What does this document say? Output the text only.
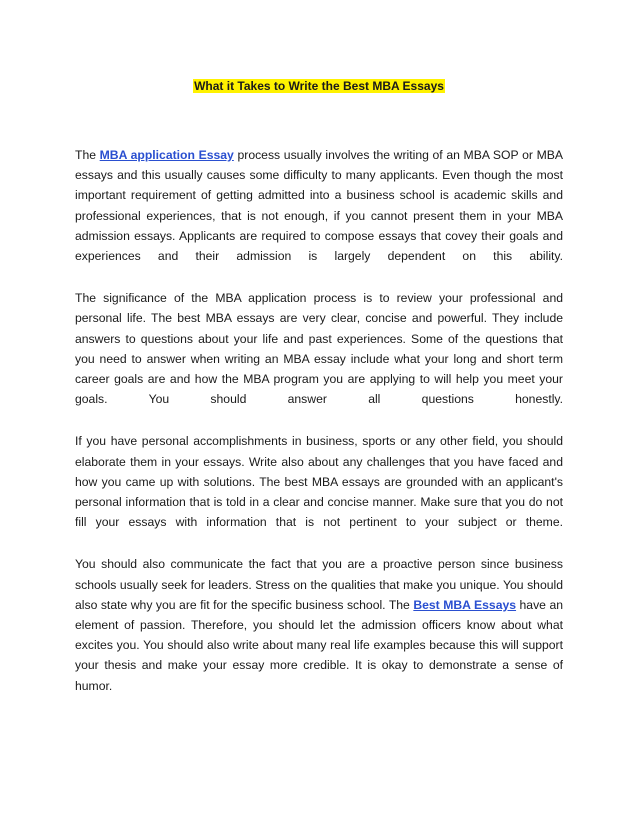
What it Takes to Write the Best MBA Essays

The MBA application Essay process usually involves the writing of an MBA SOP or MBA essays and this usually causes some difficulty to many applicants. Even though the most important requirement of getting admitted into a business school is academic skills and professional experiences, that is not enough, if you cannot present them in your MBA admission essays. Applicants are required to compose essays that covey their goals and experiences and their admission is largely dependent on this ability.

The significance of the MBA application process is to review your professional and personal life. The best MBA essays are very clear, concise and powerful. They include answers to questions about your life and past experiences. Some of the questions that you need to answer when writing an MBA essay include what your long and short term career goals are and how the MBA program you are applying to will help you meet your goals. You should answer all questions honestly.

If you have personal accomplishments in business, sports or any other field, you should elaborate them in your essays. Write also about any challenges that you have faced and how you came up with solutions. The best MBA essays are grounded with an applicant's personal information that is told in a clear and concise manner. Make sure that you do not fill your essays with information that is not pertinent to your subject or theme.

You should also communicate the fact that you are a proactive person since business schools usually seek for leaders. Stress on the qualities that make you unique. You should also state why you are fit for the specific business school. The Best MBA Essays have an element of passion. Therefore, you should let the admission officers know about what excites you. You should also write about many real life examples because this will support your thesis and make your essay more credible. It is okay to demonstrate a sense of humor.
